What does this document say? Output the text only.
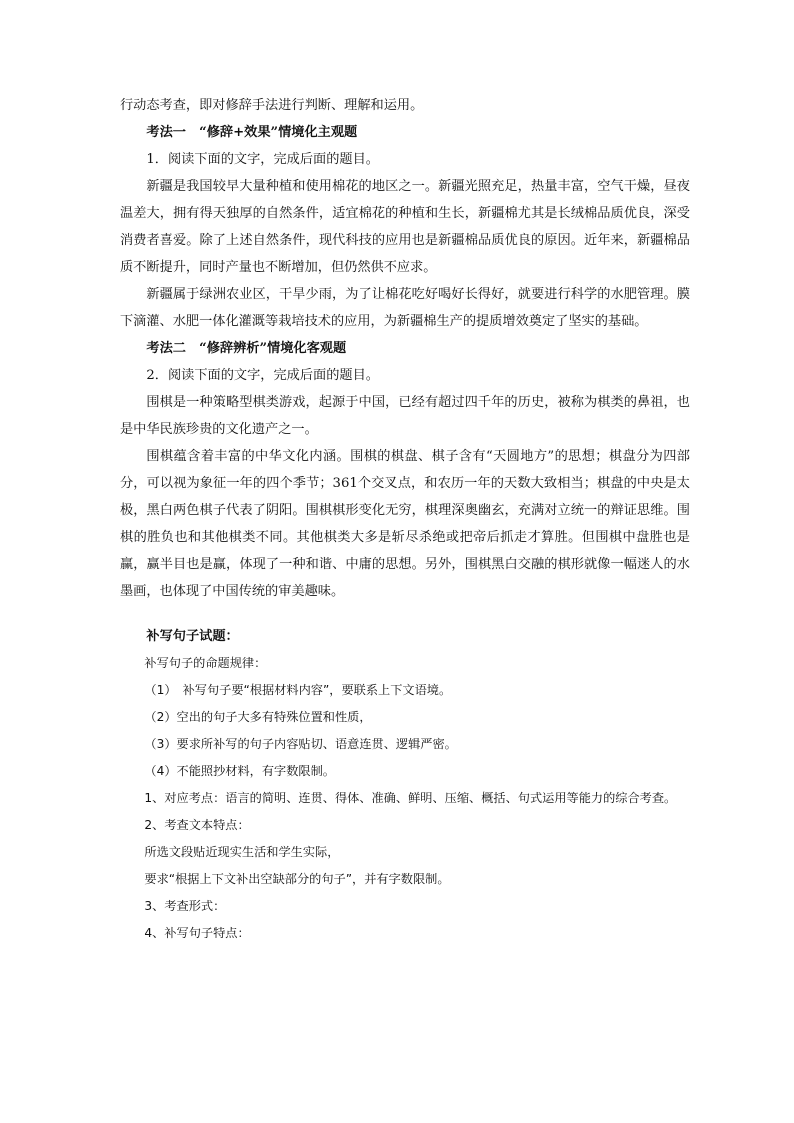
行动态考查，即对修辞手法进行判断、理解和运用。

考法一　“修辞+效果”情境化主观题

1．阅读下面的文字，完成后面的题目。

新疆是我国较早大量种植和使用棉花的地区之一。新疆光照充足，热量丰富，空气干燥，昼夜温差大，拥有得天独厚的自然条件，适宜棉花的种植和生长，新疆棉尤其是长绒棉品质优良，深受消费者喜爱。除了上述自然条件，现代科技的应用也是新疆棉品质优良的原因。近年来，新疆棉品质不断提升，同时产量也不断增加，但仍然供不应求。

新疆属于绿洲农业区，干旱少雨，为了让棉花吃好喝好长得好，就要进行科学的水肥管理。膜下滴灌、水肥一体化灌溉等栽培技术的应用，为新疆棉生产的提质增效奠定了坚实的基础。

考法二　“修辞辨析”情境化客观题

2．阅读下面的文字，完成后面的题目。

围棋是一种策略型棋类游戏，起源于中国，已经有超过四千年的历史，被称为棋类的鼻祖，也是中华民族珍贵的文化遗产之一。

围棋蕴含着丰富的中华文化内涵。围棋的棋盘、棋子含有“天圆地方”的思想；棋盘分为四部分，可以视为象征一年的四个季节；361个交叉点，和农历一年的天数大致相当；棋盘的中央是太极，黑白两色棋子代表了阴阳。围棋棋形变化无穷，棋理深奥幽玄，充满对立统一的辩证思维。围棋的胜负也和其他棋类不同。其他棋类大多是斩尽杀绝或把帝后抓走才算胜。但围棋中盘胜也是赢，赢半目也是赢，体现了一种和谐、中庸的思想。另外，围棋黑白交融的棋形就像一幅迷人的水墨画，也体现了中国传统的审美趣味。

补写句子试题：

补写句子的命题规律：

（1）　补写句子要“根据材料内容”，要联系上下文语境。

（2）空出的句子大多有特殊位置和性质，

（3）要求所补写的句子内容贴切、语意连贯、逻辑严密。

（4）不能照抄材料，有字数限制。

1、对应考点：语言的简明、连贯、得体、准确、鲜明、压缩、概括、句式运用等能力的综合考查。

2、考查文本特点：

所选文段贴近现实生活和学生实际，

要求“根据上下文补出空缺部分的句子”，并有字数限制。

3、考查形式：

4、补写句子特点：
